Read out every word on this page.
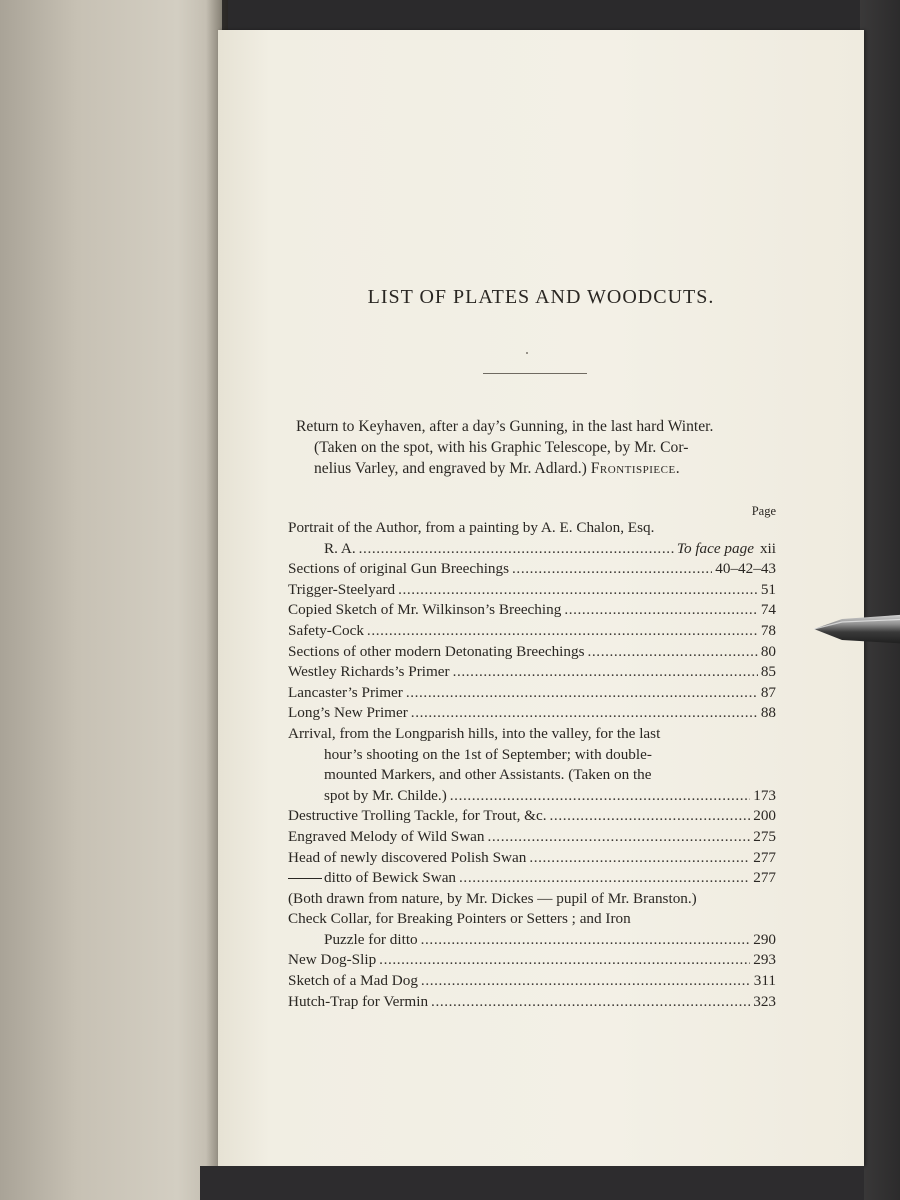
LIST OF PLATES AND WOODCUTS.
Return to Keyhaven, after a day’s Gunning, in the last hard Winter.
(Taken on the spot, with his Graphic Telescope, by Mr. Cor-
nelius Varley, and engraved by Mr. Adlard.) Frontispiece.
Page
Portrait of the Author, from a painting by A. E. Chalon, Esq.
R. A. . . .	To face page xii
Sections of original Gun Breechings . . .	40–42–43
Trigger-Steelyard . . .	51
Copied Sketch of Mr. Wilkinson’s Breeching . . .	74
Safety-Cock . . .	78
Sections of other modern Detonating Breechings . . .	80
Westley Richards’s Primer . . .	85
Lancaster’s Primer . . .	87
Long’s New Primer . . .	88
Arrival, from the Longparish hills, into the valley, for the last
hour’s shooting on the 1st of September; with double-
mounted Markers, and other Assistants. (Taken on the
spot by Mr. Childe.) . . .	173
Destructive Trolling Tackle, for Trout, &c. . . .	200
Engraved Melody of Wild Swan . . .	275
Head of newly discovered Polish Swan . . .	277
ditto of Bewick Swan . . .	277
(Both drawn from nature, by Mr. Dickes — pupil of Mr. Branston.)
Check Collar, for Breaking Pointers or Setters ; and Iron
Puzzle for ditto . . .	290
New Dog-Slip . . .	293
Sketch of a Mad Dog . . .	311
Hutch-Trap for Vermin . . .	323
